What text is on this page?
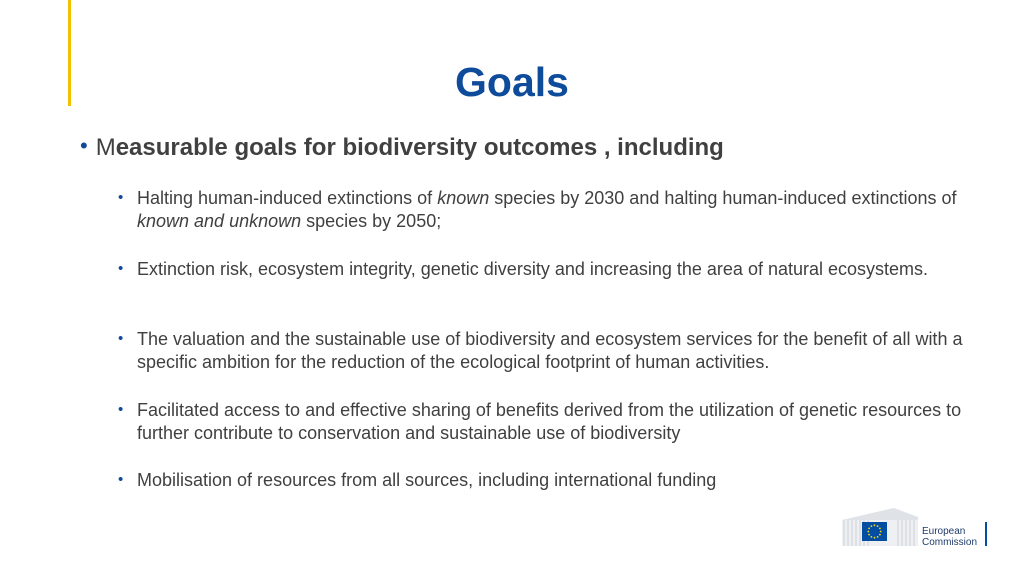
Goals
• Measurable goals for biodiversity outcomes , including
• Halting human-induced extinctions of known species by 2030 and halting human-induced extinctions of known and unknown species by 2050;
• Extinction risk, ecosystem integrity, genetic diversity and increasing the area of natural ecosystems.
• The valuation and the sustainable use of biodiversity and ecosystem services for the benefit of all with a specific ambition for the reduction of the ecological footprint of human activities.
• Facilitated access to and effective sharing of benefits derived from the utilization of genetic resources to further contribute to conservation and sustainable use of biodiversity
• Mobilisation of resources from all sources, including international funding
European
Commission
